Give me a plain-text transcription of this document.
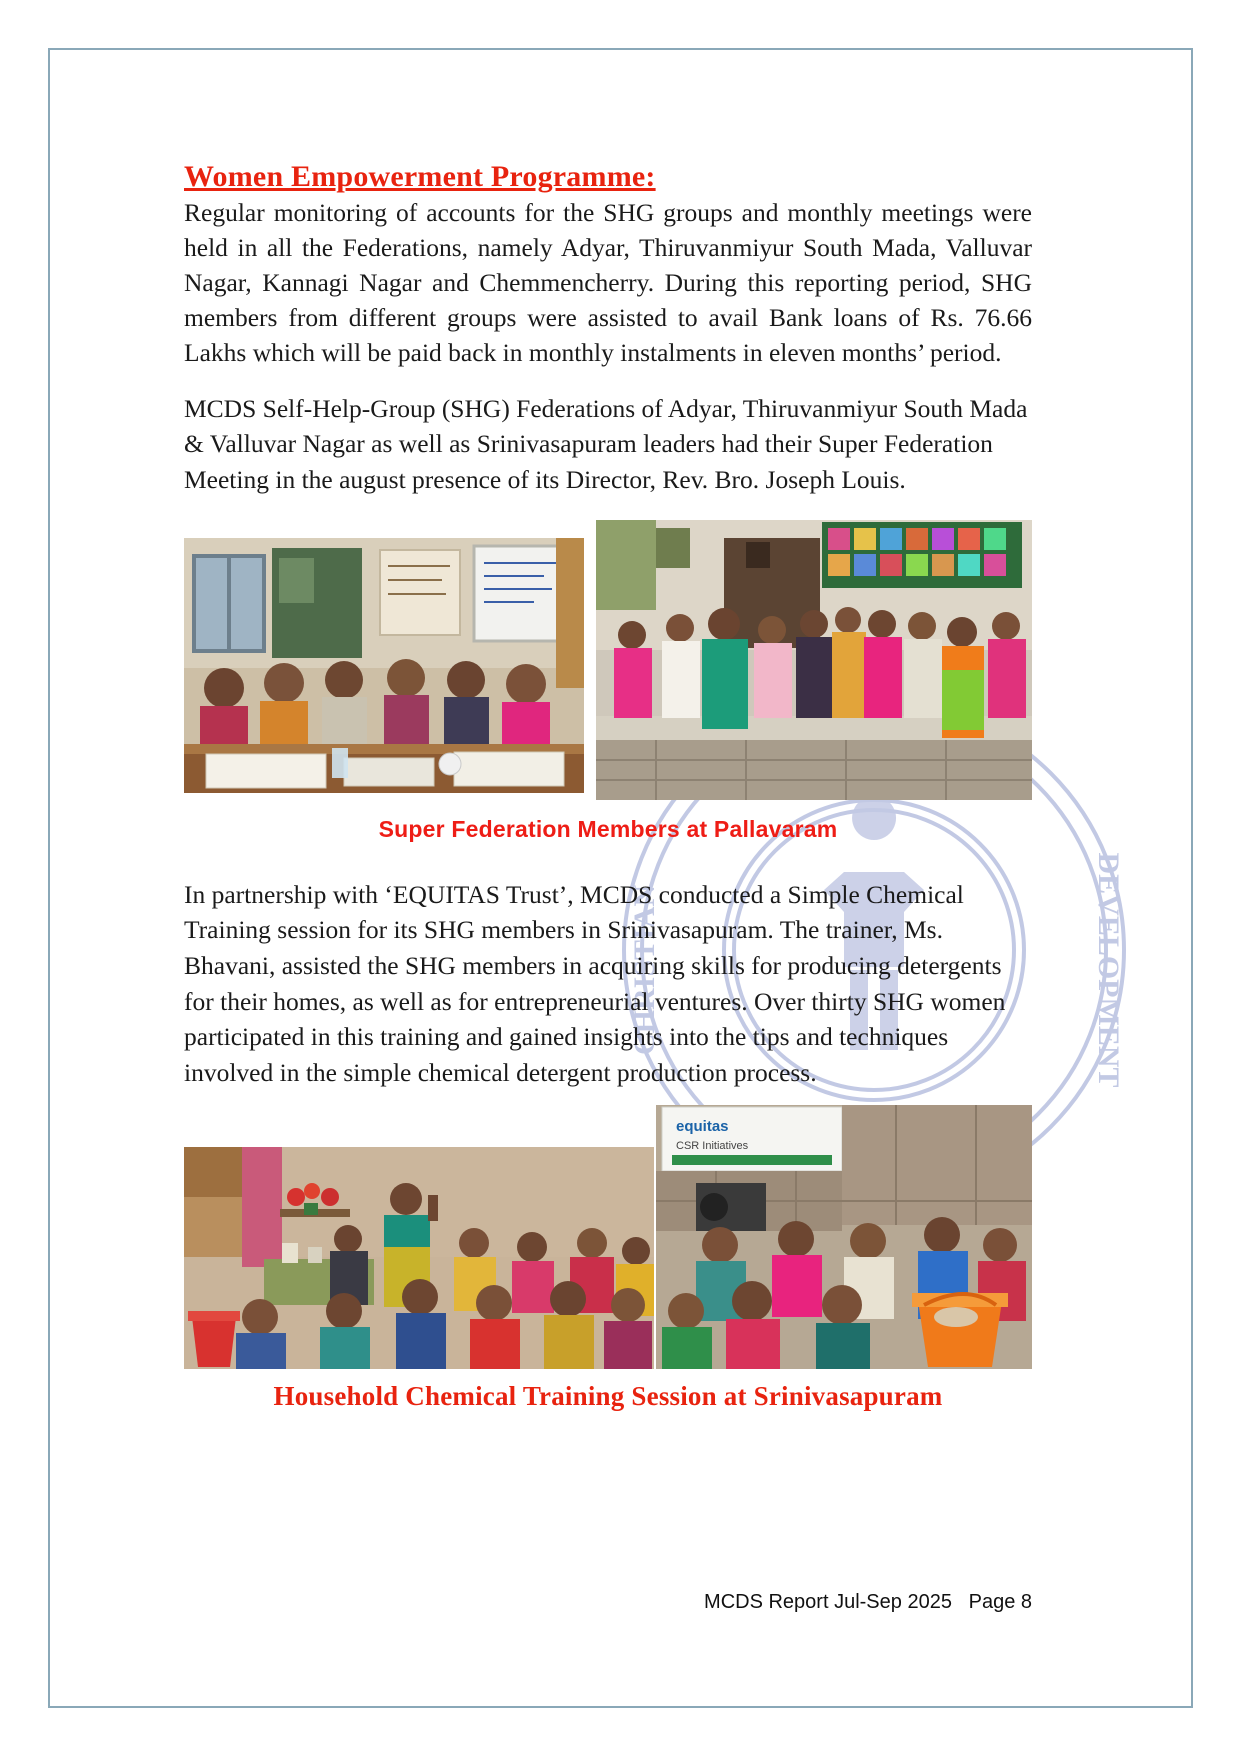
CHRISTIAN	DEVELOPMENT
Women Empowerment Programme:

Regular monitoring of accounts for the SHG groups and monthly meetings were held in all the Federations, namely Adyar, Thiruvanmiyur South Mada, Valluvar Nagar, Kannagi Nagar and Chemmencherry. During this reporting period, SHG members from different groups were assisted to avail Bank loans of Rs. 76.66 Lakhs which will be paid back in monthly instalments in eleven months’ period.

MCDS Self-Help-Group (SHG) Federations of Adyar, Thiruvanmiyur South Mada & Valluvar Nagar as well as Srinivasapuram leaders had their Super Federation Meeting in the august presence of its Director, Rev. Bro. Joseph Louis.

Super Federation Members at Pallavaram

In partnership with ‘EQUITAS Trust’, MCDS conducted a Simple Chemical Training session for its SHG members in Srinivasapuram. The trainer, Ms. Bhavani, assisted the SHG members in acquiring skills for producing detergents for their homes, as well as for entrepreneurial ventures. Over thirty SHG women participated in this training and gained insights into the tips and techniques involved in the simple chemical detergent production process.

equitas
CSR Initiatives
Household Chemical Training Session at Srinivasapuram
MCDS Report Jul-Sep 2025   Page 8
